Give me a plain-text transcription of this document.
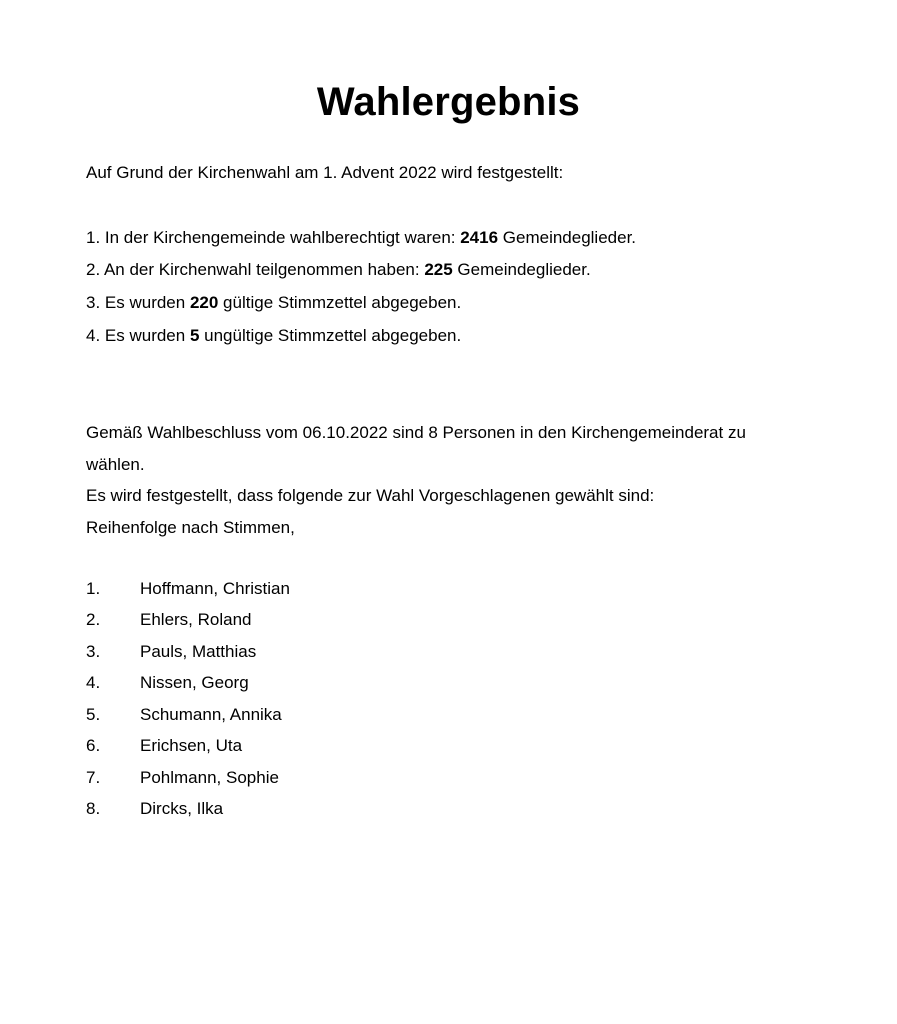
Wahlergebnis
Auf Grund der Kirchenwahl am 1. Advent 2022 wird festgestellt:
1. In der Kirchengemeinde wahlberechtigt waren: 2416 Gemeindeglieder.
2. An der Kirchenwahl teilgenommen haben: 225 Gemeindeglieder.
3. Es wurden 220 gültige Stimmzettel abgegeben.
4. Es wurden 5 ungültige Stimmzettel abgegeben.
Gemäß Wahlbeschluss vom 06.10.2022 sind 8 Personen in den Kirchengemeinderat zu
wählen.
Es wird festgestellt, dass folgende zur Wahl Vorgeschlagenen gewählt sind:
Reihenfolge nach Stimmen,
1. Hoffmann, Christian
2. Ehlers, Roland
3. Pauls, Matthias
4. Nissen, Georg
5. Schumann, Annika
6. Erichsen, Uta
7. Pohlmann, Sophie
8. Dircks, Ilka
